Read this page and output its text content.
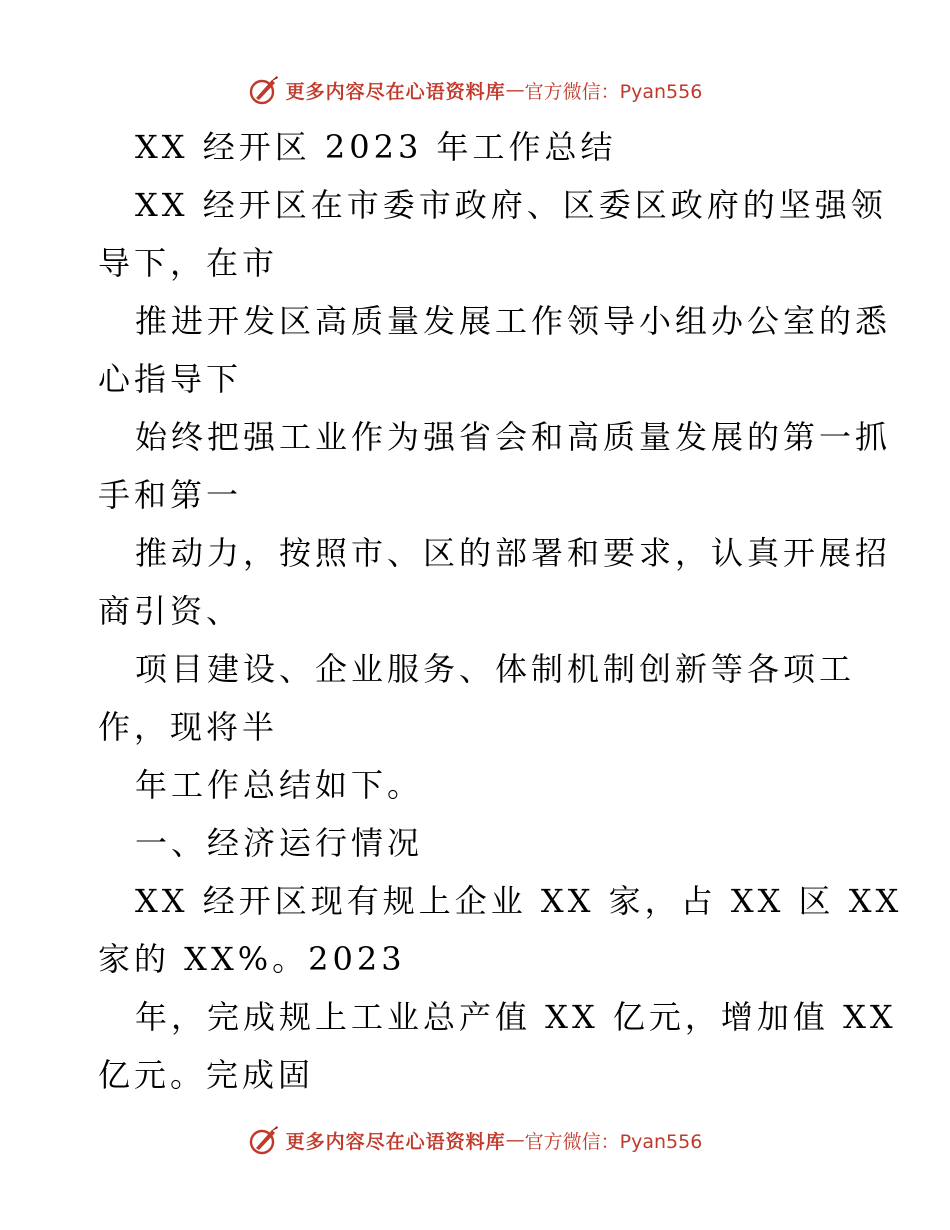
更多内容尽在心语资料库 — 官方微信：Pyan556
XX 经开区 2023 年工作总结
XX 经开区在市委市政府、区委区政府的坚强领
导下，在市
推进开发区高质量发展工作领导小组办公室的悉
心指导下
始终把强工业作为强省会和高质量发展的第一抓
手和第一
推动力，按照市、区的部署和要求，认真开展招
商引资、
项目建设、企业服务、体制机制创新等各项工
作，现将半
年工作总结如下。
一、经济运行情况
XX 经开区现有规上企业 XX 家，占 XX 区 XX
家的 XX%。2023
年，完成规上工业总产值 XX 亿元，增加值 XX
亿元。完成固
更多内容尽在心语资料库 — 官方微信：Pyan556
